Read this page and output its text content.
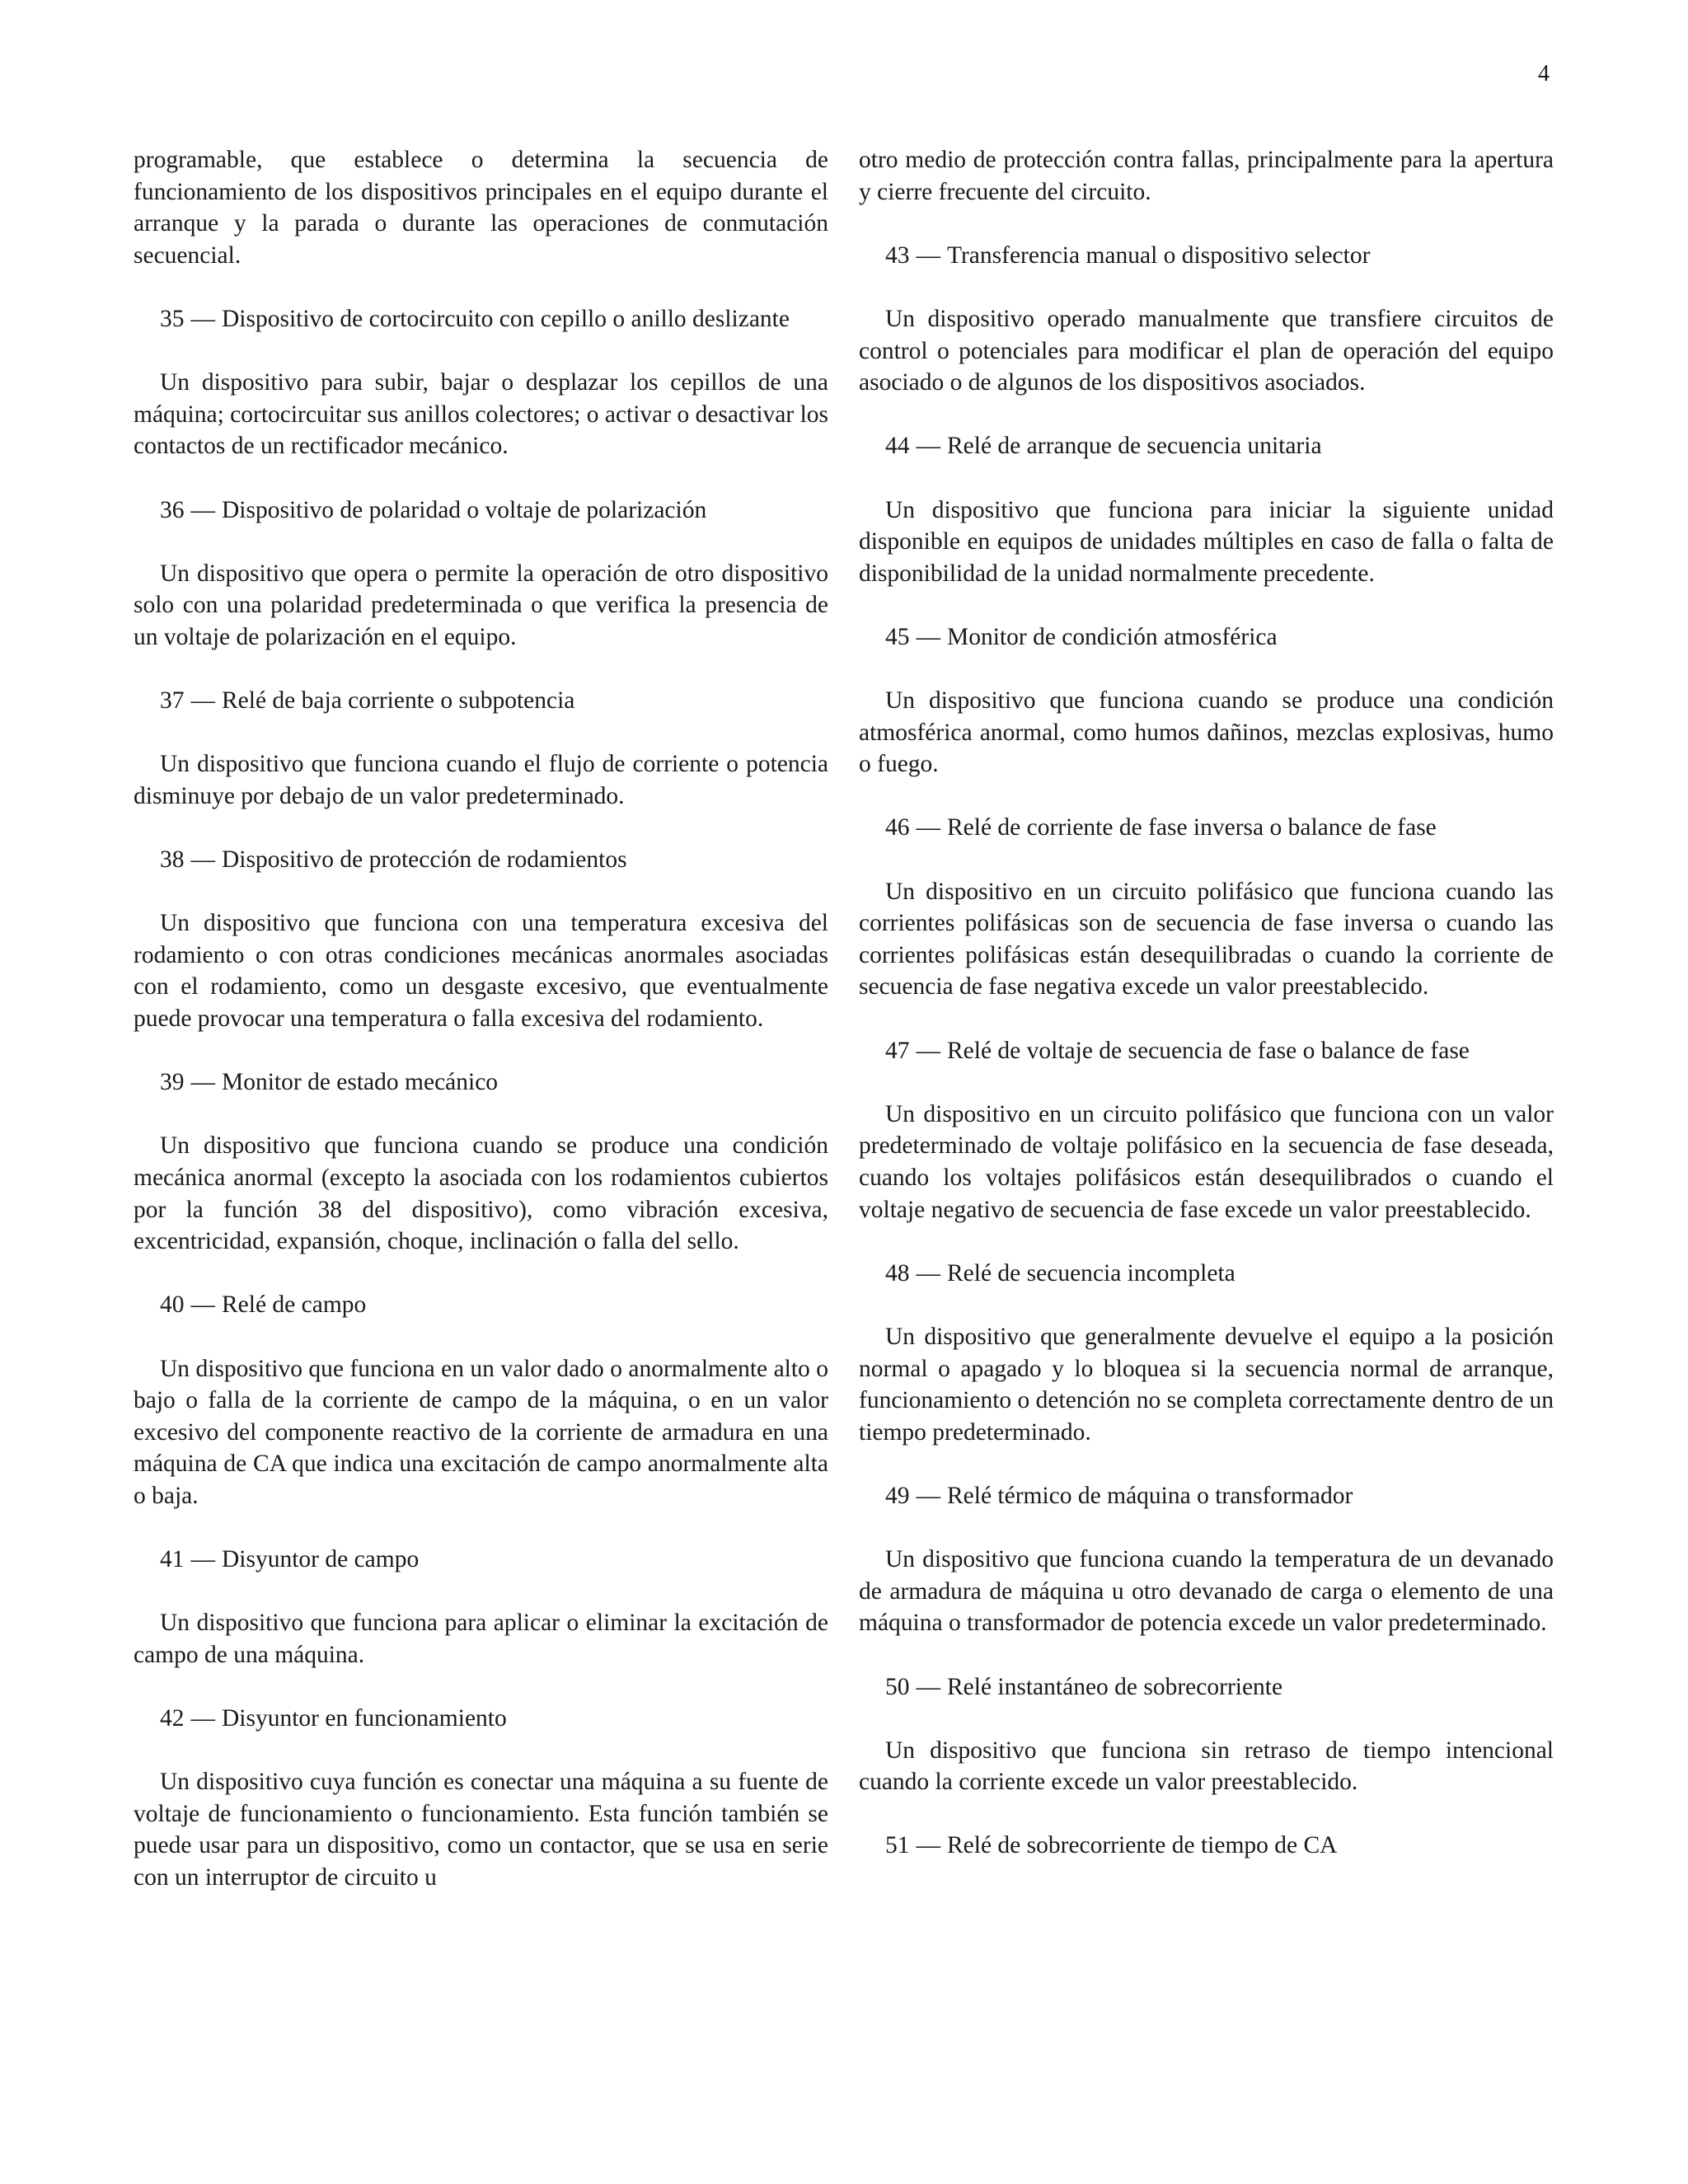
4

programable, que establece o determina la secuencia de funcionamiento de los dispositivos principales en el equipo durante el arranque y la parada o durante las operaciones de conmutación secuencial.

35 — Dispositivo de cortocircuito con cepillo o anillo deslizante

Un dispositivo para subir, bajar o desplazar los cepillos de una máquina; cortocircuitar sus anillos colectores; o activar o desactivar los contactos de un rectificador mecánico.

36 — Dispositivo de polaridad o voltaje de polarización

Un dispositivo que opera o permite la operación de otro dispositivo solo con una polaridad predeterminada o que verifica la presencia de un voltaje de polarización en el equipo.

37 — Relé de baja corriente o subpotencia

Un dispositivo que funciona cuando el flujo de corriente o potencia disminuye por debajo de un valor predeterminado.

38 — Dispositivo de protección de rodamientos

Un dispositivo que funciona con una temperatura excesiva del rodamiento o con otras condiciones mecánicas anormales asociadas con el rodamiento, como un desgaste excesivo, que eventualmente puede provocar una temperatura o falla excesiva del rodamiento.

39 — Monitor de estado mecánico

Un dispositivo que funciona cuando se produce una condición mecánica anormal (excepto la asociada con los rodamientos cubiertos por la función 38 del dispositivo), como vibración excesiva, excentricidad, expansión, choque, inclinación o falla del sello.

40 — Relé de campo

Un dispositivo que funciona en un valor dado o anormalmente alto o bajo o falla de la corriente de campo de la máquina, o en un valor excesivo del componente reactivo de la corriente de armadura en una máquina de CA que indica una excitación de campo anormalmente alta o baja.

41 — Disyuntor de campo

Un dispositivo que funciona para aplicar o eliminar la excitación de campo de una máquina.

42 — Disyuntor en funcionamiento

Un dispositivo cuya función es conectar una máquina a su fuente de voltaje de funcionamiento o funcionamiento. Esta función también se puede usar para un dispositivo, como un contactor, que se usa en serie con un interruptor de circuito u

otro medio de protección contra fallas, principalmente para la apertura y cierre frecuente del circuito.

43 — Transferencia manual o dispositivo selector

Un dispositivo operado manualmente que transfiere circuitos de control o potenciales para modificar el plan de operación del equipo asociado o de algunos de los dispositivos asociados.

44 — Relé de arranque de secuencia unitaria

Un dispositivo que funciona para iniciar la siguiente unidad disponible en equipos de unidades múltiples en caso de falla o falta de disponibilidad de la unidad normalmente precedente.

45 — Monitor de condición atmosférica

Un dispositivo que funciona cuando se produce una condición atmosférica anormal, como humos dañinos, mezclas explosivas, humo o fuego.

46 — Relé de corriente de fase inversa o balance de fase

Un dispositivo en un circuito polifásico que funciona cuando las corrientes polifásicas son de secuencia de fase inversa o cuando las corrientes polifásicas están desequilibradas o cuando la corriente de secuencia de fase negativa excede un valor preestablecido.

47 — Relé de voltaje de secuencia de fase o balance de fase

Un dispositivo en un circuito polifásico que funciona con un valor predeterminado de voltaje polifásico en la secuencia de fase deseada, cuando los voltajes polifásicos están desequilibrados o cuando el voltaje negativo de secuencia de fase excede un valor preestablecido.

48 — Relé de secuencia incompleta

Un dispositivo que generalmente devuelve el equipo a la posición normal o apagado y lo bloquea si la secuencia normal de arranque, funcionamiento o detención no se completa correctamente dentro de un tiempo predeterminado.

49 — Relé térmico de máquina o transformador

Un dispositivo que funciona cuando la temperatura de un devanado de armadura de máquina u otro devanado de carga o elemento de una máquina o transformador de potencia excede un valor predeterminado.

50 — Relé instantáneo de sobrecorriente

Un dispositivo que funciona sin retraso de tiempo intencional cuando la corriente excede un valor preestablecido.

51 — Relé de sobrecorriente de tiempo de CA
